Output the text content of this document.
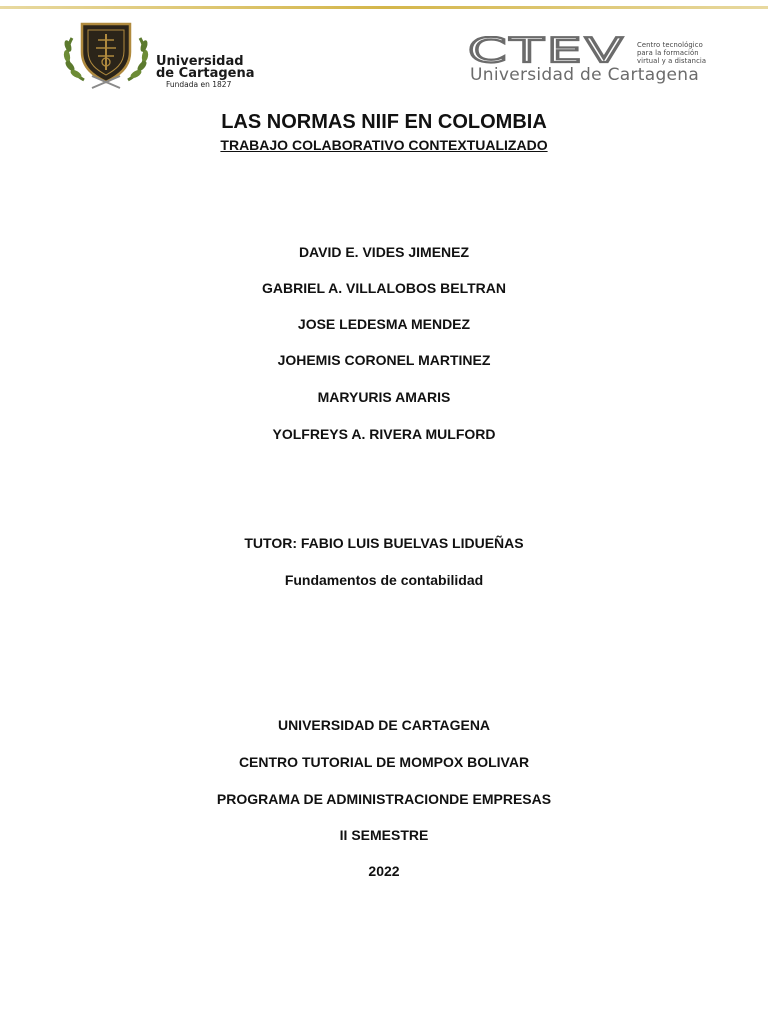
Universidad
de Cartagena
Fundada en 1827
CTEV Centro tecnológico
para la formación
virtual y a distancia
Universidad de Cartagena
LAS NORMAS NIIF EN COLOMBIA
TRABAJO COLABORATIVO CONTEXTUALIZADO
DAVID E. VIDES JIMENEZ
GABRIEL A. VILLALOBOS BELTRAN
JOSE LEDESMA MENDEZ
JOHEMIS CORONEL MARTINEZ
MARYURIS AMARIS
YOLFREYS A. RIVERA MULFORD
TUTOR: FABIO LUIS BUELVAS LIDUEÑAS
Fundamentos de contabilidad
UNIVERSIDAD DE CARTAGENA
CENTRO TUTORIAL DE MOMPOX BOLIVAR
PROGRAMA DE ADMINISTRACIONDE EMPRESAS
II SEMESTRE
2022
